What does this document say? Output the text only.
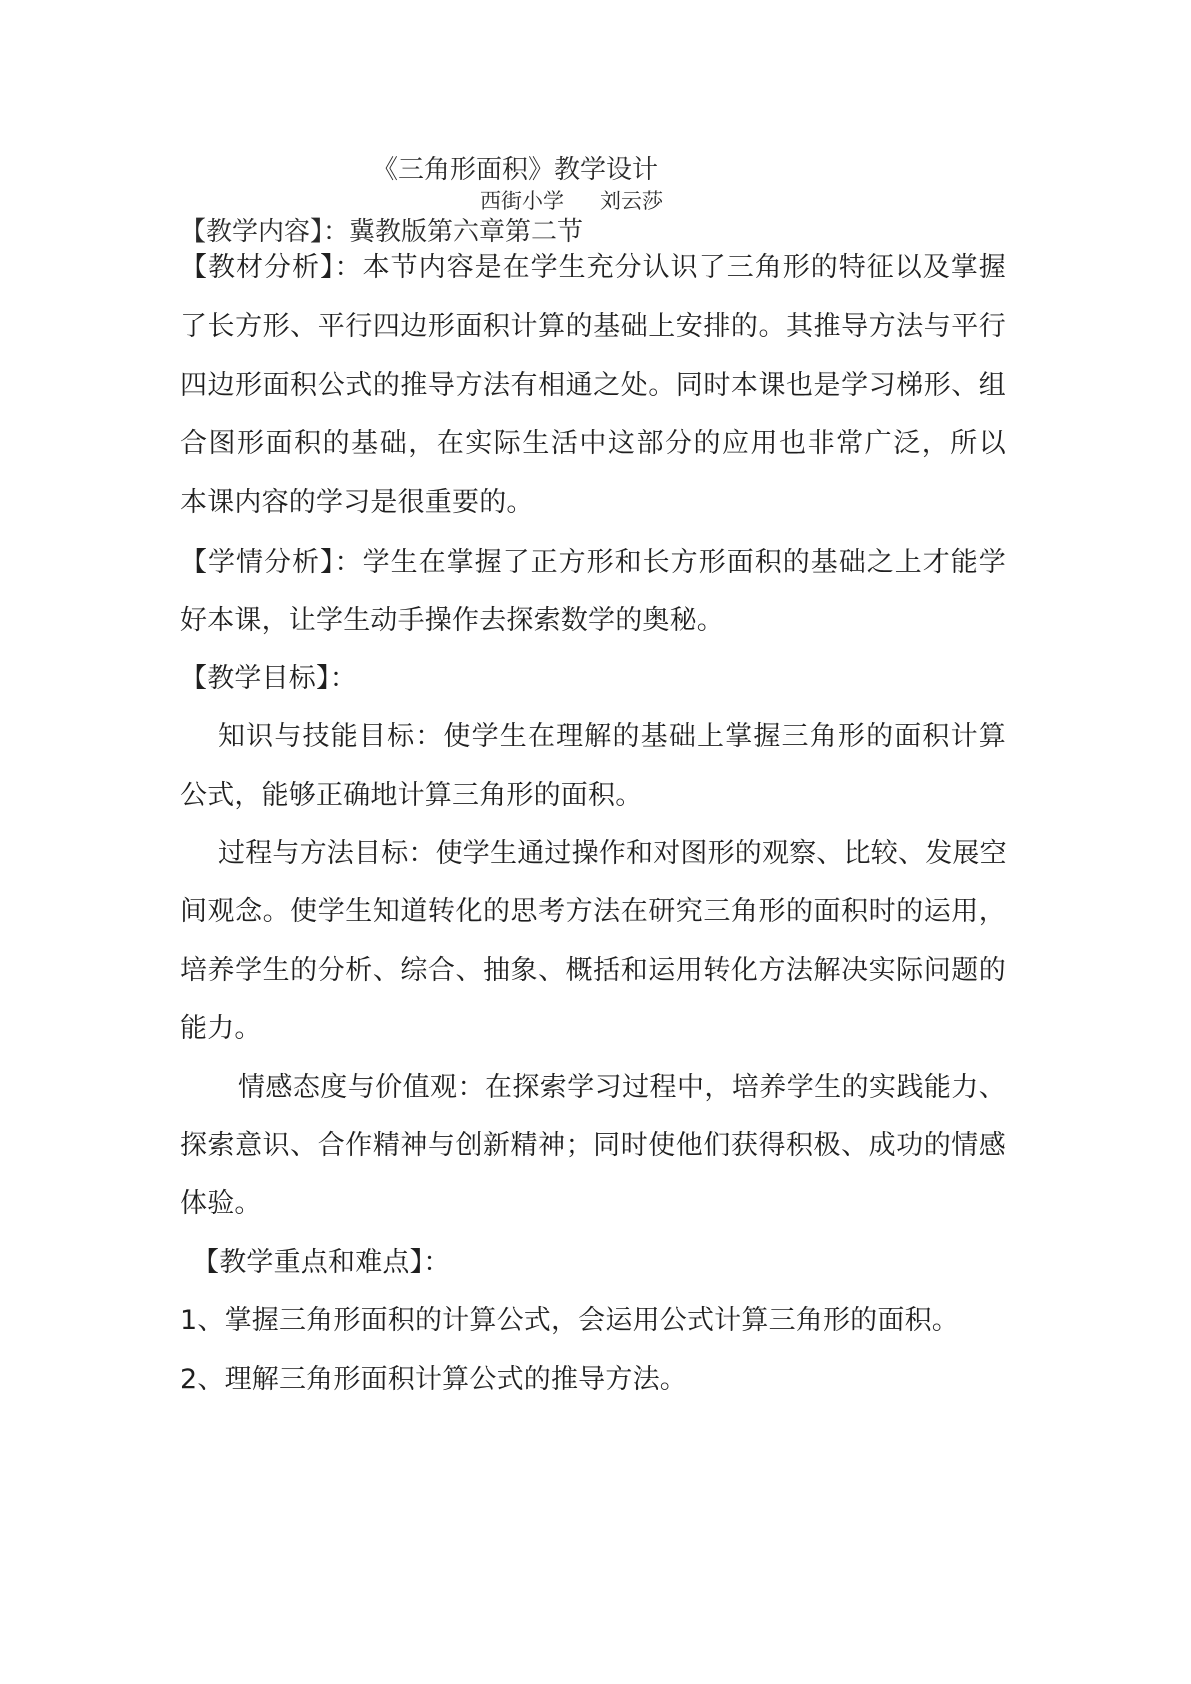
《三角形面积》教学设计
西街小学 刘云莎
【教学内容】：冀教版第六章第二节
【教材分析】：本节内容是在学生充分认识了三角形的特征以及掌握
了长方形、平行四边形面积计算的基础上安排的。其推导方法与平行
四边形面积公式的推导方法有相通之处。同时本课也是学习梯形、组
合图形面积的基础，在实际生活中这部分的应用也非常广泛，所以
本课内容的学习是很重要的。
【学情分析】：学生在掌握了正方形和长方形面积的基础之上才能学
好本课，让学生动手操作去探索数学的奥秘。
【教学目标】：
知识与技能目标：使学生在理解的基础上掌握三角形的面积计算
公式，能够正确地计算三角形的面积。
过程与方法目标：使学生通过操作和对图形的观察、比较、发展空
间观念。使学生知道转化的思考方法在研究三角形的面积时的运用，
培养学生的分析、综合、抽象、概括和运用转化方法解决实际问题的
能力。
情感态度与价值观：在探索学习过程中，培养学生的实践能力、
探索意识、合作精神与创新精神；同时使他们获得积极、成功的情感
体验。
【教学重点和难点】：
1、掌握三角形面积的计算公式，会运用公式计算三角形的面积。
2、理解三角形面积计算公式的推导方法。
